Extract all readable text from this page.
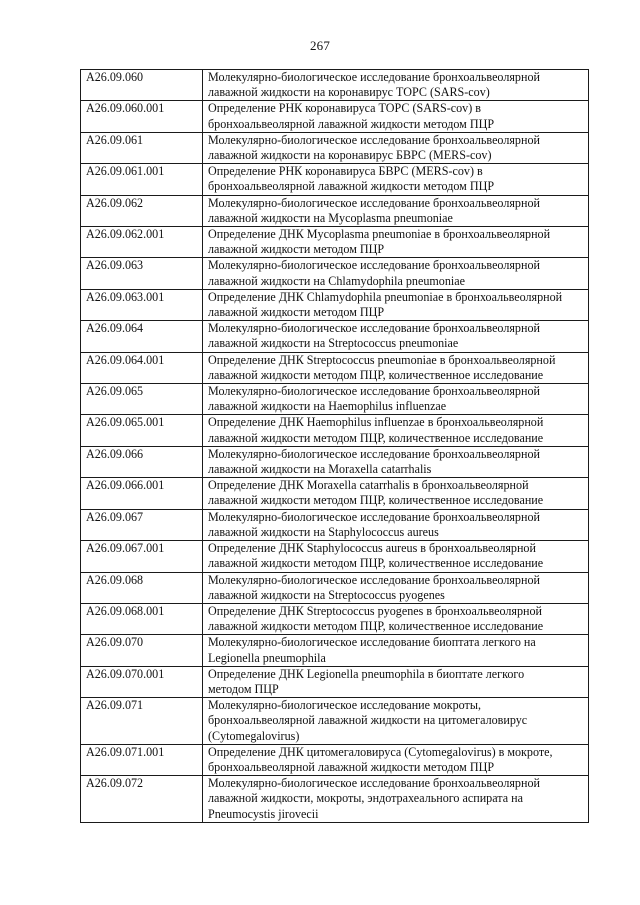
267
А26.09.060	Молекулярно-биологическое исследование бронхоальвеолярной
лаважной жидкости на коронавирус ТОРС (SARS-cov)

А26.09.060.001	Определение РНК коронавируса ТОРС (SARS-cov) в
бронхоальвеолярной лаважной жидкости методом ПЦР

А26.09.061	Молекулярно-биологическое исследование бронхоальвеолярной
лаважной жидкости на коронавирус БВРС (MERS-cov)

А26.09.061.001	Определение РНК коронавируса БВРС (MERS-cov) в
бронхоальвеолярной лаважной жидкости методом ПЦР

А26.09.062	Молекулярно-биологическое исследование бронхоальвеолярной
лаважной жидкости на Mycoplasma pneumoniae

А26.09.062.001	Определение ДНК Mycoplasma pneumoniae в бронхоальвеолярной
лаважной жидкости методом ПЦР

А26.09.063	Молекулярно-биологическое исследование бронхоальвеолярной
лаважной жидкости на Chlamydophila pneumoniae

А26.09.063.001	Определение ДНК Chlamydophila pneumoniae в бронхоальвеолярной
лаважной жидкости методом ПЦР

А26.09.064	Молекулярно-биологическое исследование бронхоальвеолярной
лаважной жидкости на Streptococcus pneumoniae

А26.09.064.001	Определение ДНК Streptococcus pneumoniae в бронхоальвеолярной
лаважной жидкости методом ПЦР, количественное исследование

А26.09.065	Молекулярно-биологическое исследование бронхоальвеолярной
лаважной жидкости на Haemophilus influenzae

А26.09.065.001	Определение ДНК Haemophilus influenzae в бронхоальвеолярной
лаважной жидкости методом ПЦР, количественное исследование

А26.09.066	Молекулярно-биологическое исследование бронхоальвеолярной
лаважной жидкости на Moraxella catarrhalis

А26.09.066.001	Определение ДНК Moraxella catarrhalis в бронхоальвеолярной
лаважной жидкости методом ПЦР, количественное исследование

А26.09.067	Молекулярно-биологическое исследование бронхоальвеолярной
лаважной жидкости на Staphylococcus aureus

А26.09.067.001	Определение ДНК Staphylococcus aureus в бронхоальвеолярной
лаважной жидкости методом ПЦР, количественное исследование

А26.09.068	Молекулярно-биологическое исследование бронхоальвеолярной
лаважной жидкости на Streptococcus pyogenes

А26.09.068.001	Определение ДНК Streptococcus pyogenes в бронхоальвеолярной
лаважной жидкости методом ПЦР, количественное исследование

А26.09.070	Молекулярно-биологическое исследование биоптата легкого на
Legionella pneumophila

А26.09.070.001	Определение ДНК Legionella pneumophila в биоптате легкого
методом ПЦР

А26.09.071	Молекулярно-биологическое исследование мокроты,
бронхоальвеолярной лаважной жидкости на цитомегаловирус
(Cytomegalovirus)

А26.09.071.001	Определение ДНК цитомегаловируса (Cytomegalovirus) в мокроте,
бронхоальвеолярной лаважной жидкости методом ПЦР

А26.09.072	Молекулярно-биологическое исследование бронхоальвеолярной
лаважной жидкости, мокроты, эндотрахеального аспирата на
Pneumocystis jirovecii
